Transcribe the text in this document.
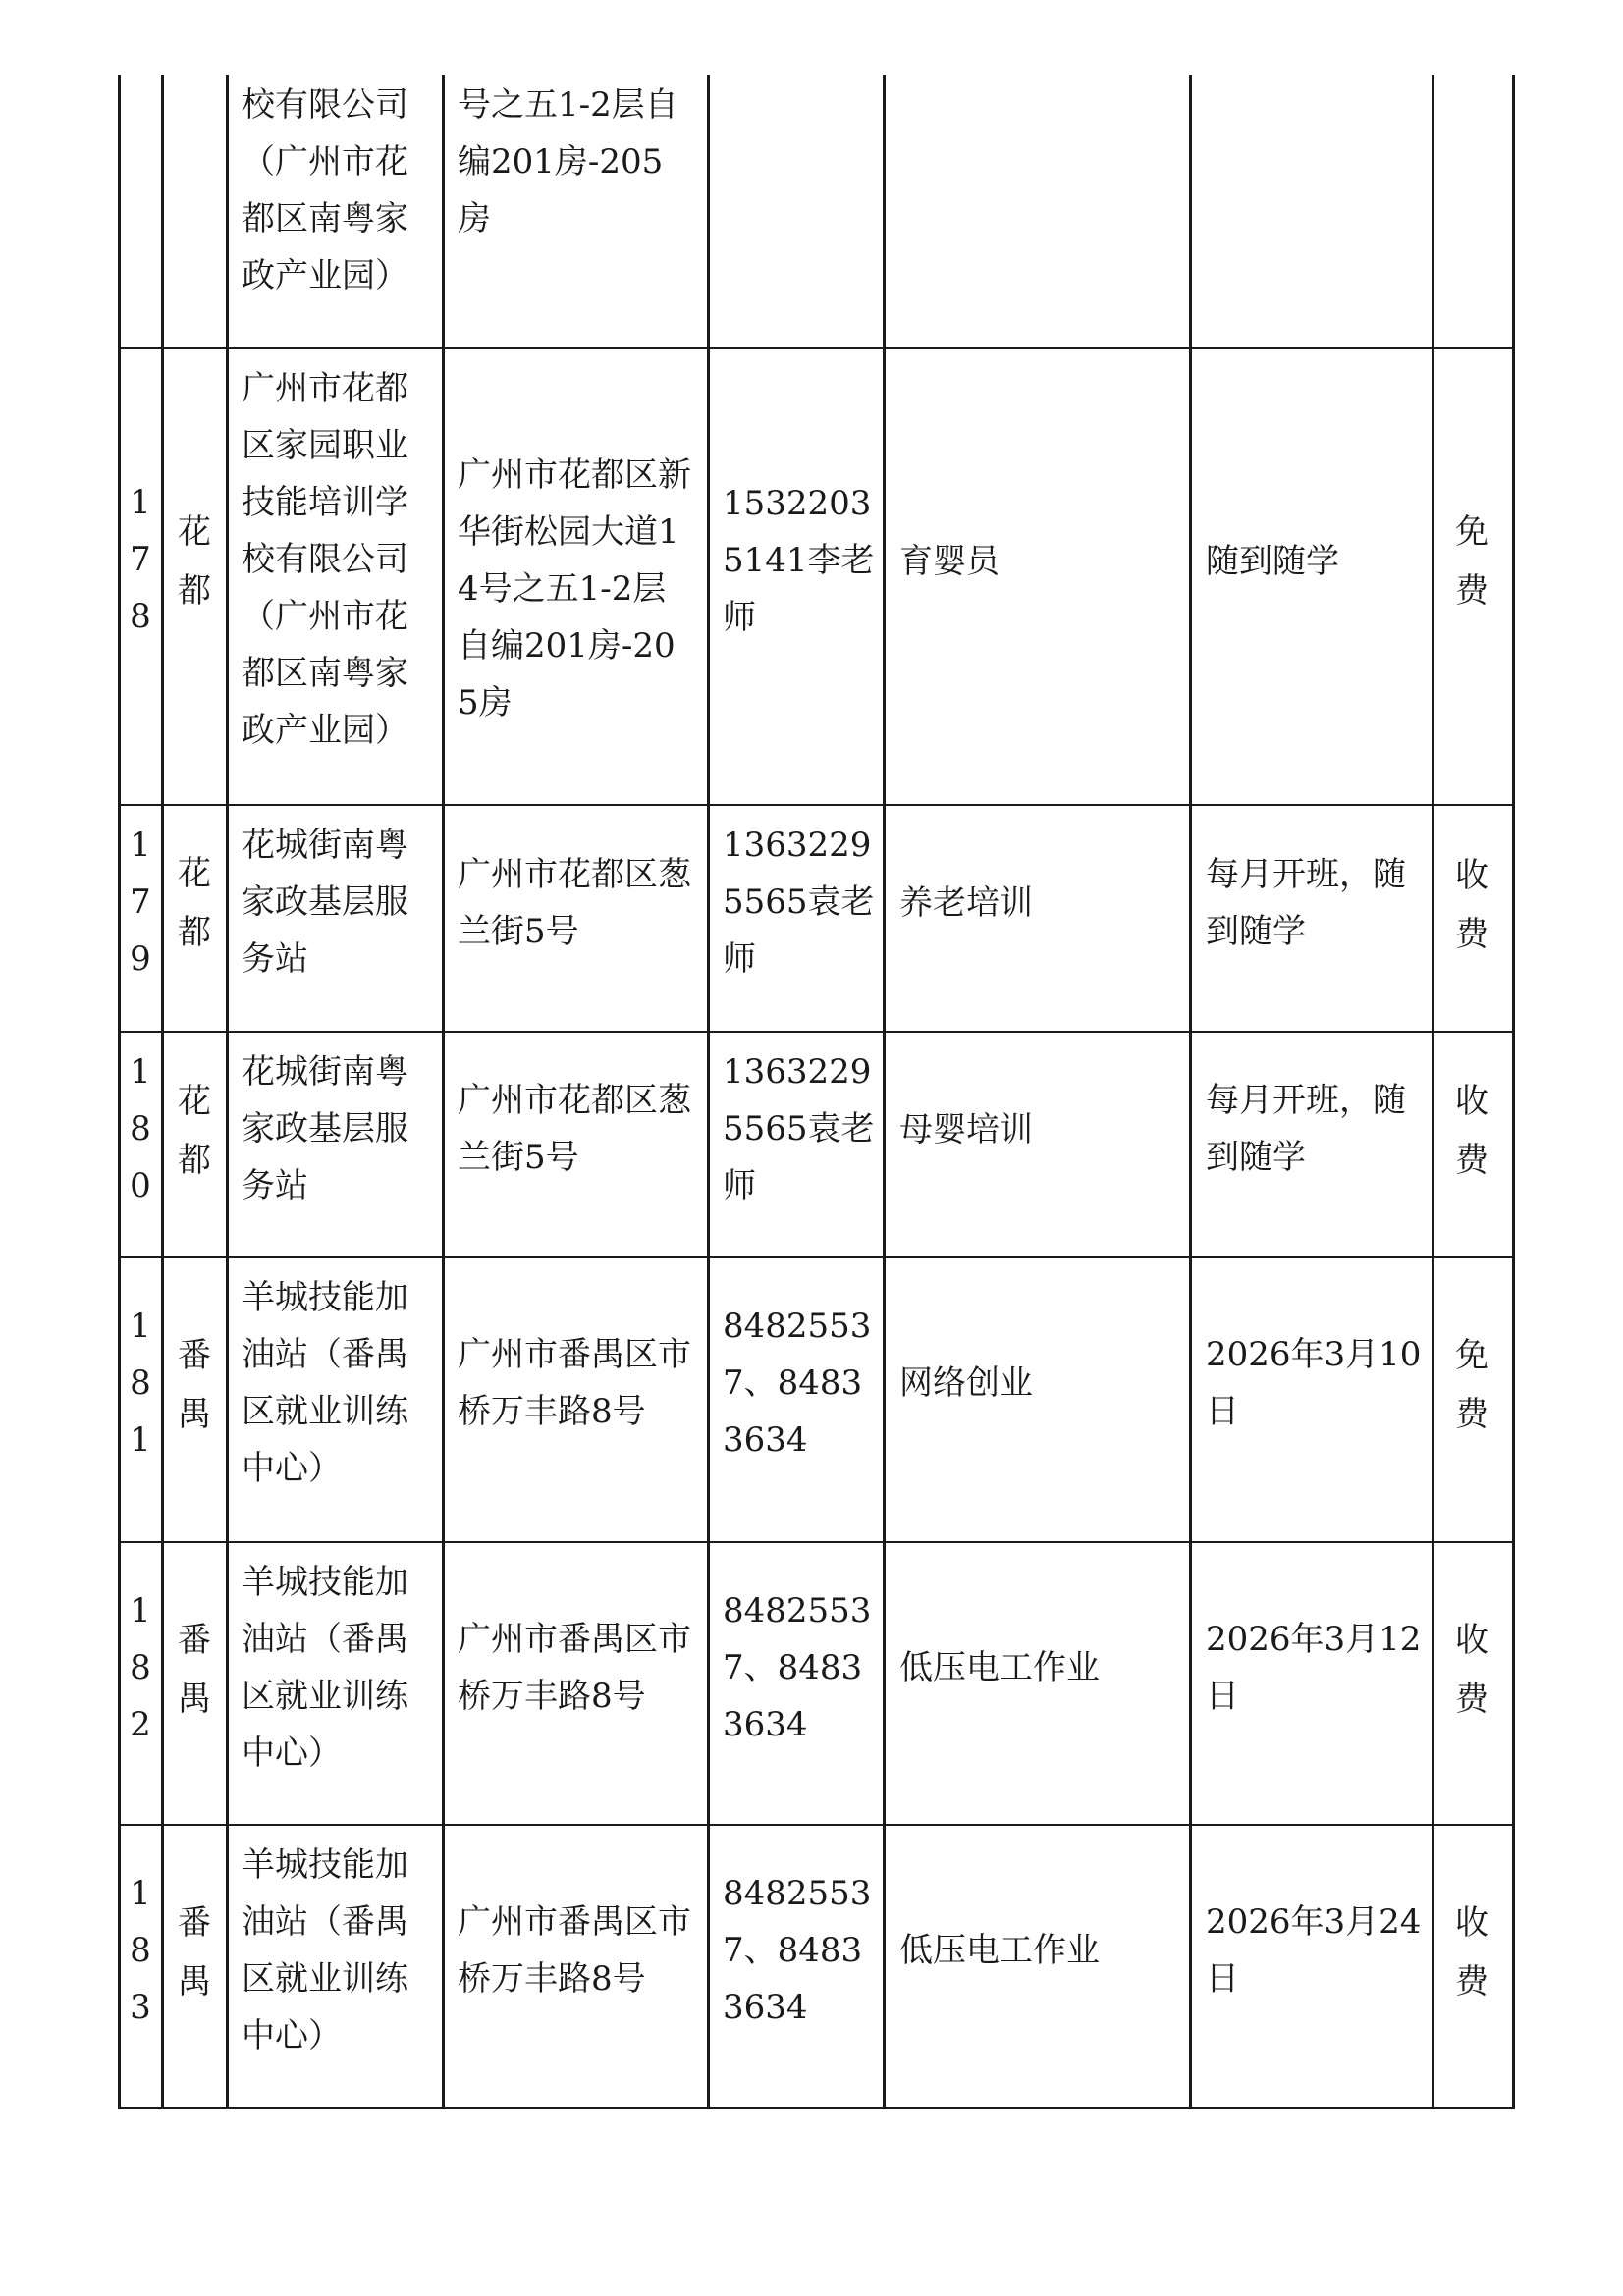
校有限公司（广州市花都区南粤家政产业园）
号之五1-2层自编201房-205房
178
花都
广州市花都区家园职业技能培训学校有限公司（广州市花都区南粤家政产业园）
广州市花都区新华街松园大道14号之五1-2层自编201房-205房
15322035141李老师
育婴员	随到随学
免费
179
花都
花城街南粤家政基层服务站
广州市花都区葱兰街5号
13632295565袁老师
养老培训
每月开班，随到随学
收费
180
花都
花城街南粤家政基层服务站
广州市花都区葱兰街5号
13632295565袁老师
母婴培训
每月开班，随到随学
收费
181
番禺
羊城技能加油站（番禺区就业训练中心）
广州市番禺区市桥万丰路8号
84825537、84833634
网络创业
2026年3月10日
免费
182
番禺
羊城技能加油站（番禺区就业训练中心）
广州市番禺区市桥万丰路8号
84825537、84833634
低压电工作业
2026年3月12日
收费
183
番禺
羊城技能加油站（番禺区就业训练中心）
广州市番禺区市桥万丰路8号
84825537、84833634
低压电工作业
2026年3月24日
收费
